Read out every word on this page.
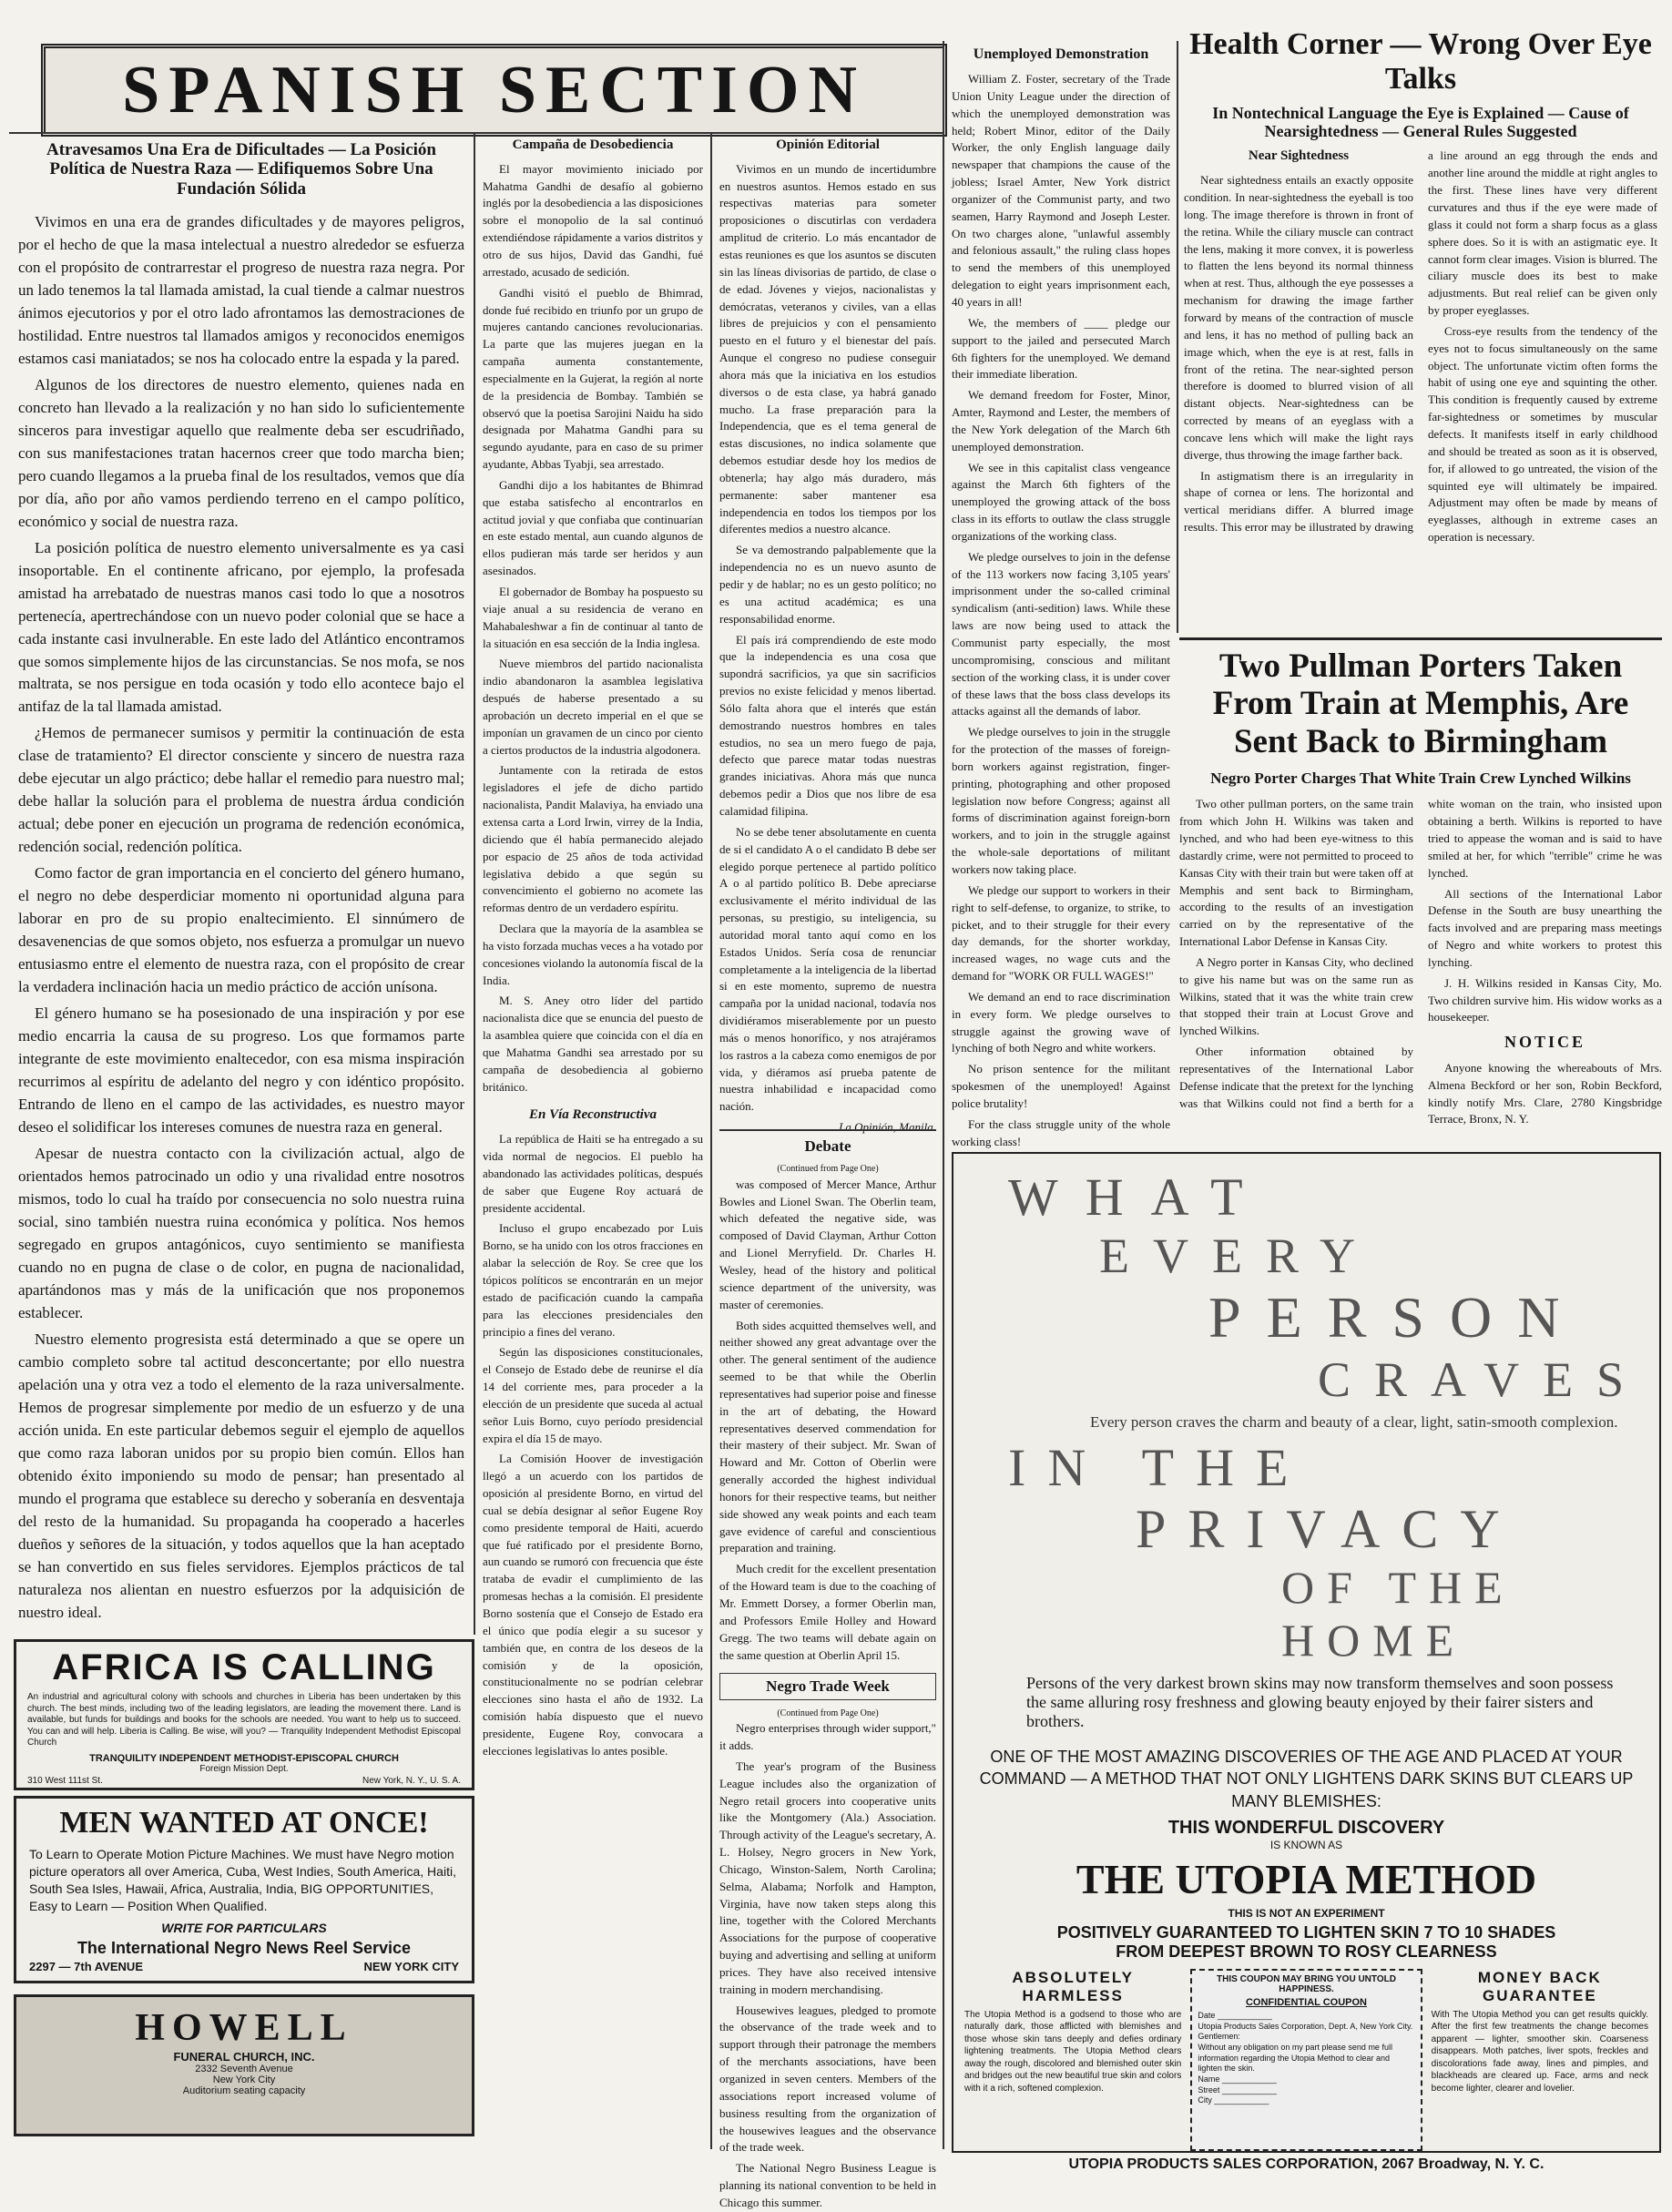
SPANISH SECTION
Atravesamos Una Era de Dificultades — La Posición Política de Nuestra Raza — Edifiquemos Sobre Una Fundación Sólida

Vivimos en una era de grandes dificultades y de mayores peligros, por el hecho de que la masa intelectual a nuestro alrededor se esfuerza con el propósito de contrarrestar el progreso de nuestra raza negra. Por un lado tenemos la tal llamada amistad, la cual tiende a calmar nuestros ánimos ejecutorios y por el otro lado afrontamos las demostraciones de hostilidad. Entre nuestros tal llamados amigos y reconocidos enemigos estamos casi maniatados; se nos ha colocado entre la espada y la pared.

Algunos de los directores de nuestro elemento, quienes nada en concreto han llevado a la realización y no han sido lo suficientemente sinceros para investigar aquello que realmente deba ser escudriñado, con sus manifestaciones tratan hacernos creer que todo marcha bien; pero cuando llegamos a la prueba final de los resultados, vemos que día por día, año por año vamos perdiendo terreno en el campo político, económico y social de nuestra raza.

La posición política de nuestro elemento universalmente es ya casi insoportable. En el continente africano, por ejemplo, la profesada amistad ha arrebatado de nuestras manos casi todo lo que a nosotros pertenecía, apertrechándose con un nuevo poder colonial que se hace a cada instante casi invulnerable. En este lado del Atlántico encontramos que somos simplemente hijos de las circunstancias. Se nos mofa, se nos maltrata, se nos persigue en toda ocasión y todo ello acontece bajo el antifaz de la tal llamada amistad.

¿Hemos de permanecer sumisos y permitir la continuación de esta clase de tratamiento? El director consciente y sincero de nuestra raza debe ejecutar un algo práctico; debe hallar el remedio para nuestro mal; debe hallar la solución para el problema de nuestra árdua condición actual; debe poner en ejecución un programa de redención económica, redención social, redención política.

Como factor de gran importancia en el concierto del género humano, el negro no debe desperdiciar momento ni oportunidad alguna para laborar en pro de su propio enaltecimiento. El sinnúmero de desavenencias de que somos objeto, nos esfuerza a promulgar un nuevo entusiasmo entre el elemento de nuestra raza, con el propósito de crear la verdadera inclinación hacia un medio práctico de acción unísona.

El género humano se ha posesionado de una inspiración y por ese medio encarria la causa de su progreso. Los que formamos parte integrante de este movimiento enaltecedor, con esa misma inspiración recurrimos al espíritu de adelanto del negro y con idéntico propósito. Entrando de lleno en el campo de las actividades, es nuestro mayor deseo el solidificar los intereses comunes de nuestra raza en general.

Apesar de nuestra contacto con la civilización actual, algo de orientados hemos patrocinado un odio y una rivalidad entre nosotros mismos, todo lo cual ha traído por consecuencia no solo nuestra ruina social, sino también nuestra ruina económica y política. Nos hemos segregado en grupos antagónicos, cuyo sentimiento se manifiesta cuando no en pugna de clase o de color, en pugna de nacionalidad, apartándonos mas y más de la unificación que nos proponemos establecer.

Nuestro elemento progresista está determinado a que se opere un cambio completo sobre tal actitud desconcertante; por ello nuestra apelación una y otra vez a todo el elemento de la raza universalmente. Hemos de progresar simplemente por medio de un esfuerzo y de una acción unida. En este particular debemos seguir el ejemplo de aquellos que como raza laboran unidos por su propio bien común. Ellos han obtenido éxito imponiendo su modo de pensar; han presentado al mundo el programa que establece su derecho y soberanía en desventaja del resto de la humanidad. Su propaganda ha cooperado a hacerles dueños y señores de la situación, y todos aquellos que la han aceptado se han convertido en sus fieles servidores. Ejemplos prácticos de tal naturaleza nos alientan en nuestro esfuerzos por la adquisición de nuestro ideal.

AFRICA IS CALLING
An industrial and agricultural colony with schools and churches in Liberia has been undertaken by this church. The best minds, including two of the leading legislators, are leading the movement there. Land is available, but funds for buildings and books for the schools are needed. You want to help us to succeed. You can and will help. Liberia is Calling. Be wise, will you? — Tranquility Independent Methodist Episcopal Church
TRANQUILITY INDEPENDENT METHODIST-EPISCOPAL CHURCH
Foreign Mission Dept.
310 West 111st St.	New York, N. Y., U. S. A.
MEN WANTED AT ONCE!
To Learn to Operate Motion Picture Machines. We must have Negro motion picture operators all over America, Cuba, West Indies, South America, Haiti, South Sea Isles, Hawaii, Africa, Australia, India, BIG OPPORTUNITIES, Easy to Learn — Position When Qualified.
WRITE FOR PARTICULARS
The International Negro News Reel Service
2297 — 7th AVENUE	NEW YORK CITY
HOWELL
FUNERAL CHURCH, INC.
2332 Seventh Avenue
New York City
Auditorium seating capacity
Campaña de Desobediencia

El mayor movimiento iniciado por Mahatma Gandhi de desafío al gobierno inglés por la desobediencia a las disposiciones sobre el monopolio de la sal continuó extendiéndose rápidamente a varios distritos y otro de sus hijos, David das Gandhi, fué arrestado, acusado de sedición.

Gandhi visitó el pueblo de Bhimrad, donde fué recibido en triunfo por un grupo de mujeres cantando canciones revolucionarias. La parte que las mujeres juegan en la campaña aumenta constantemente, especialmente en la Gujerat, la región al norte de la presidencia de Bombay. También se observó que la poetisa Sarojini Naidu ha sido designada por Mahatma Gandhi para su segundo ayudante, para en caso de su primer ayudante, Abbas Tyabji, sea arrestado.

Gandhi dijo a los habitantes de Bhimrad que estaba satisfecho al encontrarlos en actitud jovial y que confiaba que continuarían en este estado mental, aun cuando algunos de ellos pudieran más tarde ser heridos y aun asesinados.

El gobernador de Bombay ha pospuesto su viaje anual a su residencia de verano en Mahabaleshwar a fin de continuar al tanto de la situación en esa sección de la India inglesa.

Nueve miembros del partido nacionalista indio abandonaron la asamblea legislativa después de haberse presentado a su aprobación un decreto imperial en el que se imponían un gravamen de un cinco por ciento a ciertos productos de la industria algodonera.

Juntamente con la retirada de estos legisladores el jefe de dicho partido nacionalista, Pandit Malaviya, ha enviado una extensa carta a Lord Irwin, virrey de la India, diciendo que él había permanecido alejado por espacio de 25 años de toda actividad legislativa debido a que según su convencimiento el gobierno no acomete las reformas dentro de un verdadero espíritu.

Declara que la mayoría de la asamblea se ha visto forzada muchas veces a ha votado por concesiones violando la autonomía fiscal de la India.

M. S. Aney otro líder del partido nacionalista dice que se enuncia del puesto de la asamblea quiere que coincida con el día en que Mahatma Gandhi sea arrestado por su campaña de desobediencia al gobierno británico.

En Vía Reconstructiva

La república de Haiti se ha entregado a su vida normal de negocios. El pueblo ha abandonado las actividades políticas, después de saber que Eugene Roy actuará de presidente accidental.

Incluso el grupo encabezado por Luis Borno, se ha unido con los otros fracciones en alabar la selección de Roy. Se cree que los tópicos políticos se encontrarán en un mejor estado de pacificación cuando la campaña para las elecciones presidenciales den principio a fines del verano.

Según las disposiciones constitucionales, el Consejo de Estado debe de reunirse el día 14 del corriente mes, para proceder a la elección de un presidente que suceda al actual señor Luis Borno, cuyo período presidencial expira el día 15 de mayo.

La Comisión Hoover de investigación llegó a un acuerdo con los partidos de oposición al presidente Borno, en virtud del cual se debía designar al señor Eugene Roy como presidente temporal de Haiti, acuerdo que fué ratificado por el presidente Borno, aun cuando se rumoró con frecuencia que éste trataba de evadir el cumplimiento de las promesas hechas a la comisión. El presidente Borno sostenía que el Consejo de Estado era el único que podía elegir a su sucesor y también que, en contra de los deseos de la comisión y de la oposición, constitucionalmente no se podrían celebrar elecciones sino hasta el año de 1932. La comisión había dispuesto que el nuevo presidente, Eugene Roy, convocara a elecciones legislativas lo antes posible.

Opinión Editorial

Vivimos en un mundo de incertidumbre en nuestros asuntos. Hemos estado en sus respectivas materias para someter proposiciones o discutirlas con verdadera amplitud de criterio. Lo más encantador de estas reuniones es que los asuntos se discuten sin las líneas divisorias de partido, de clase o de edad. Jóvenes y viejos, nacionalistas y demócratas, veteranos y civiles, van a ellas libres de prejuicios y con el pensamiento puesto en el futuro y el bienestar del país. Aunque el congreso no pudiese conseguir ahora más que la iniciativa en los estudios diversos o de esta clase, ya habrá ganado mucho. La frase preparación para la Independencia, que es el tema general de estas discusiones, no indica solamente que debemos estudiar desde hoy los medios de obtenerla; hay algo más duradero, más permanente: saber mantener esa independencia en todos los tiempos por los diferentes medios a nuestro alcance.

Se va demostrando palpablemente que la independencia no es un nuevo asunto de pedir y de hablar; no es un gesto político; no es una actitud académica; es una responsabilidad enorme.

El país irá comprendiendo de este modo que la independencia es una cosa que supondrá sacrificios, ya que sin sacrificios previos no existe felicidad y menos libertad. Sólo falta ahora que el interés que están demostrando nuestros hombres en tales estudios, no sea un mero fuego de paja, defecto que parece matar todas nuestras grandes iniciativas. Ahora más que nunca debemos pedir a Dios que nos libre de esa calamidad filipina.

No se debe tener absolutamente en cuenta de si el candidato A o el candidato B debe ser elegido porque pertenece al partido político A o al partido político B. Debe apreciarse exclusivamente el mérito individual de las personas, su prestigio, su inteligencia, su autoridad moral tanto aquí como en los Estados Unidos. Sería cosa de renunciar completamente a la inteligencia de la libertad si en este momento, supremo de nuestra campaña por la unidad nacional, todavía nos dividiéramos miserablemente por un puesto más o menos honorífico, y nos atrajéramos los rastros a la cabeza como enemigos de por vida, y diéramos así prueba patente de nuestra inhabilidad e incapacidad como nación.

La Opinión, Manila.

Debate
(Continued from Page One)

was composed of Mercer Mance, Arthur Bowles and Lionel Swan. The Oberlin team, which defeated the negative side, was composed of David Clayman, Arthur Cotton and Lionel Merryfield. Dr. Charles H. Wesley, head of the history and political science department of the university, was master of ceremonies.

Both sides acquitted themselves well, and neither showed any great advantage over the other. The general sentiment of the audience seemed to be that while the Oberlin representatives had superior poise and finesse in the art of debating, the Howard representatives deserved commendation for their mastery of their subject. Mr. Swan of Howard and Mr. Cotton of Oberlin were generally accorded the highest individual honors for their respective teams, but neither side showed any weak points and each team gave evidence of careful and conscientious preparation and training.

Much credit for the excellent presentation of the Howard team is due to the coaching of Mr. Emmett Dorsey, a former Oberlin man, and Professors Emile Holley and Howard Gregg. The two teams will debate again on the same question at Oberlin April 15.

Negro Trade Week
(Continued from Page One)

Negro enterprises through wider support," it adds.

The year's program of the Business League includes also the organization of Negro retail grocers into cooperative units like the Montgomery (Ala.) Association. Through activity of the League's secretary, A. L. Holsey, Negro grocers in New York, Chicago, Winston-Salem, North Carolina; Selma, Alabama; Norfolk and Hampton, Virginia, have now taken steps along this line, together with the Colored Merchants Associations for the purpose of cooperative buying and advertising and selling at uniform prices. They have also received intensive training in modern merchandising.

Housewives leagues, pledged to promote the observance of the trade week and to support through their patronage the members of the merchants associations, have been organized in seven centers. Members of the associations report increased volume of business resulting from the organization of the housewives leagues and the observance of the trade week.

The National Negro Business League is planning its national convention to be held in Chicago this summer.

Unemployed Demonstration

William Z. Foster, secretary of the Trade Union Unity League under the direction of which the unemployed demonstration was held; Robert Minor, editor of the Daily Worker, the only English language daily newspaper that champions the cause of the jobless; Israel Amter, New York district organizer of the Communist party, and two seamen, Harry Raymond and Joseph Lester. On two charges alone, "unlawful assembly and felonious assault," the ruling class hopes to send the members of this unemployed delegation to eight years imprisonment each, 40 years in all!

We, the members of ____ pledge our support to the jailed and persecuted March 6th fighters for the unemployed. We demand their immediate liberation.

We demand freedom for Foster, Minor, Amter, Raymond and Lester, the members of the New York delegation of the March 6th unemployed demonstration.

We see in this capitalist class vengeance against the March 6th fighters of the unemployed the growing attack of the boss class in its efforts to outlaw the class struggle organizations of the working class.

We pledge ourselves to join in the defense of the 113 workers now facing 3,105 years' imprisonment under the so-called criminal syndicalism (anti-sedition) laws. While these laws are now being used to attack the Communist party especially, the most uncompromising, conscious and militant section of the working class, it is under cover of these laws that the boss class develops its attacks against all the demands of labor.

We pledge ourselves to join in the struggle for the protection of the masses of foreign-born workers against registration, finger-printing, photographing and other proposed legislation now before Congress; against all forms of discrimination against foreign-born workers, and to join in the struggle against the whole-sale deportations of militant workers now taking place.

We pledge our support to workers in their right to self-defense, to organize, to strike, to picket, and to their struggle for their every day demands, for the shorter workday, increased wages, no wage cuts and the demand for "WORK OR FULL WAGES!"

We demand an end to race discrimination in every form. We pledge ourselves to struggle against the growing wave of lynching of both Negro and white workers.

No prison sentence for the militant spokesmen of the unemployed! Against police brutality!

For the class struggle unity of the whole working class!

Health Corner — Wrong Over Eye Talks
In Nontechnical Language the Eye is Explained — Cause of Nearsightedness — General Rules Suggested
Near Sightedness

Near sightedness entails an exactly opposite condition. In near-sightedness the eyeball is too long. The image therefore is thrown in front of the retina. While the ciliary muscle can contract the lens, making it more convex, it is powerless to flatten the lens beyond its normal thinness when at rest. Thus, although the eye possesses a mechanism for drawing the image farther forward by means of the contraction of muscle and lens, it has no method of pulling back an image which, when the eye is at rest, falls in front of the retina. The near-sighted person therefore is doomed to blurred vision of all distant objects. Near-sightedness can be corrected by means of an eyeglass with a concave lens which will make the light rays diverge, thus throwing the image farther back.

In astigmatism there is an irregularity in shape of cornea or lens. The horizontal and vertical meridians differ. A blurred image results. This error may be illustrated by drawing a line around an egg through the ends and another line around the middle at right angles to the first. These lines have very different curvatures and thus if the eye were made of glass it could not form a sharp focus as a glass sphere does. So it is with an astigmatic eye. It cannot form clear images. Vision is blurred. The ciliary muscle does its best to make adjustments. But real relief can be given only by proper eyeglasses.

Cross-eye results from the tendency of the eyes not to focus simultaneously on the same object. The unfortunate victim often forms the habit of using one eye and squinting the other. This condition is frequently caused by extreme far-sightedness or sometimes by muscular defects. It manifests itself in early childhood and should be treated as soon as it is observed, for, if allowed to go untreated, the vision of the squinted eye will ultimately be impaired. Adjustment may often be made by means of eyeglasses, although in extreme cases an operation is necessary.

Two Pullman Porters Taken From Train at Memphis, Are Sent Back to Birmingham
Negro Porter Charges That White Train Crew Lynched Wilkins

Two other pullman porters, on the same train from which John H. Wilkins was taken and lynched, and who had been eye-witness to this dastardly crime, were not permitted to proceed to Kansas City with their train but were taken off at Memphis and sent back to Birmingham, according to the results of an investigation carried on by the representative of the International Labor Defense in Kansas City.

A Negro porter in Kansas City, who declined to give his name but was on the same run as Wilkins, stated that it was the white train crew that stopped their train at Locust Grove and lynched Wilkins.

Other information obtained by representatives of the International Labor Defense indicate that the pretext for the lynching was that Wilkins could not find a berth for a white woman on the train, who insisted upon obtaining a berth. Wilkins is reported to have tried to appease the woman and is said to have smiled at her, for which "terrible" crime he was lynched.

All sections of the International Labor Defense in the South are busy unearthing the facts involved and are preparing mass meetings of Negro and white workers to protest this lynching.

J. H. Wilkins resided in Kansas City, Mo. Two children survive him. His widow works as a housekeeper.

NOTICE

Anyone knowing the whereabouts of Mrs. Almena Beckford or her son, Robin Beckford, kindly notify Mrs. Clare, 2780 Kingsbridge Terrace, Bronx, N. Y.

WHAT
EVERY
PERSON
CRAVES
Every person craves the charm and beauty of a clear, light, satin-smooth complexion.
IN THE
PRIVACY
OF THE HOME
Persons of the very darkest brown skins may now transform themselves and soon possess the same alluring rosy freshness and glowing beauty enjoyed by their fairer sisters and brothers.
ONE OF THE MOST AMAZING DISCOVERIES OF THE AGE AND PLACED AT YOUR COMMAND — A METHOD THAT NOT ONLY LIGHTENS DARK SKINS BUT CLEARS UP MANY BLEMISHES:
THIS WONDERFUL DISCOVERY
IS KNOWN AS
THE UTOPIA METHOD
THIS IS NOT AN EXPERIMENT
POSITIVELY GUARANTEED TO LIGHTEN SKIN 7 TO 10 SHADES
FROM DEEPEST BROWN TO ROSY CLEARNESS
ABSOLUTELY HARMLESS
The Utopia Method is a godsend to those who are naturally dark, those afflicted with blemishes and those whose skin tans deeply and defies ordinary lightening treatments. The Utopia Method clears away the rough, discolored and blemished outer skin and bridges out the new beautiful true skin and colors with it a rich, softened complexion.
THIS COUPON MAY BRING YOU UNTOLD HAPPINESS.
CONFIDENTIAL COUPON
Date ____________
Utopia Products Sales Corporation, Dept. A, New York City.
Gentlemen:
Without any obligation on my part please send me full information regarding the Utopia Method to clear and lighten the skin.
Name ____________
Street ____________
City ____________
MONEY BACK GUARANTEE
With The Utopia Method you can get results quickly. After the first few treatments the change becomes apparent — lighter, smoother skin. Coarseness disappears. Moth patches, liver spots, freckles and discolorations fade away, lines and pimples, and blackheads are cleared up. Face, arms and neck become lighter, clearer and lovelier.
UTOPIA PRODUCTS SALES CORPORATION, 2067 Broadway, N. Y. C.
